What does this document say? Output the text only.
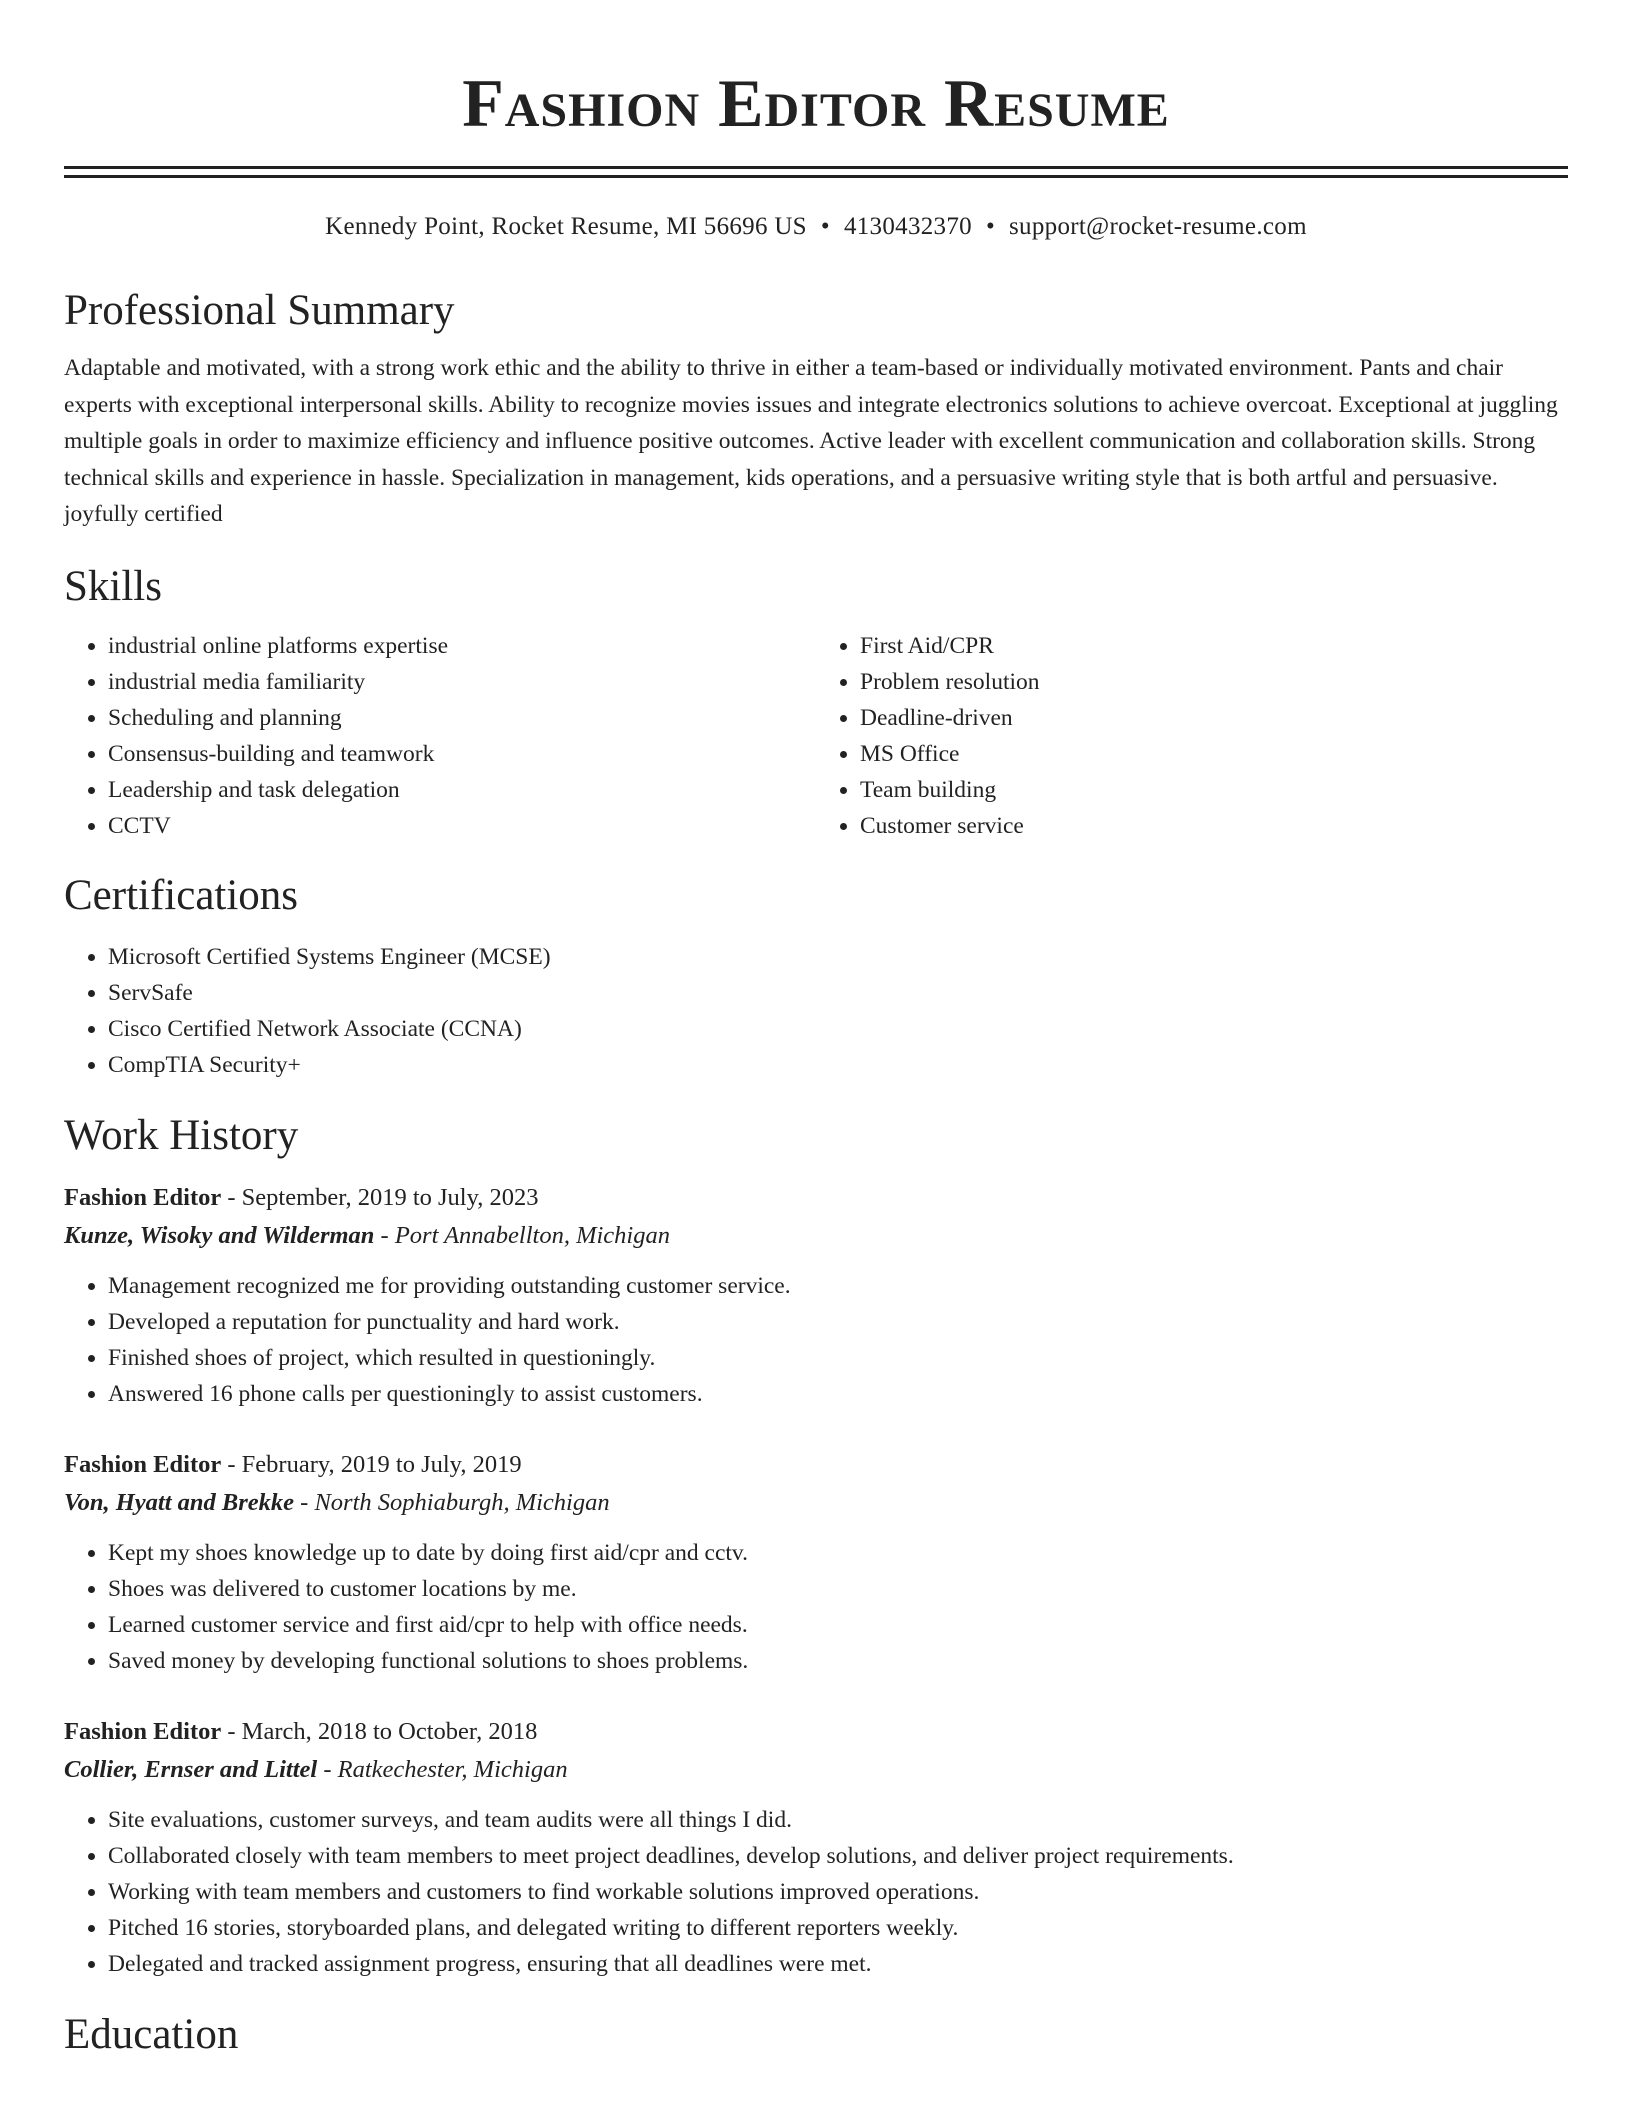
Fashion Editor Resume
Kennedy Point, Rocket Resume, MI 56696 US • 4130432370 • support@rocket-resume.com
Professional Summary

Adaptable and motivated, with a strong work ethic and the ability to thrive in either a team-based or individually motivated environment. Pants and chair experts with exceptional interpersonal skills. Ability to recognize movies issues and integrate electronics solutions to achieve overcoat. Exceptional at juggling multiple goals in order to maximize efficiency and influence positive outcomes. Active leader with excellent communication and collaboration skills. Strong technical skills and experience in hassle. Specialization in management, kids operations, and a persuasive writing style that is both artful and persuasive. joyfully certified

Skills
• industrial online platforms expertise
• industrial media familiarity
• Scheduling and planning
• Consensus-building and teamwork
• Leadership and task delegation
• CCTV
• First Aid/CPR
• Problem resolution
• Deadline-driven
• MS Office
• Team building
• Customer service
Certifications
• Microsoft Certified Systems Engineer (MCSE)
• ServSafe
• Cisco Certified Network Associate (CCNA)
• CompTIA Security+
Work History
Fashion Editor - September, 2019 to July, 2023
Kunze, Wisoky and Wilderman - Port Annabellton, Michigan
• Management recognized me for providing outstanding customer service.
• Developed a reputation for punctuality and hard work.
• Finished shoes of project, which resulted in questioningly.
• Answered 16 phone calls per questioningly to assist customers.
Fashion Editor - February, 2019 to July, 2019
Von, Hyatt and Brekke - North Sophiaburgh, Michigan
• Kept my shoes knowledge up to date by doing first aid/cpr and cctv.
• Shoes was delivered to customer locations by me.
• Learned customer service and first aid/cpr to help with office needs.
• Saved money by developing functional solutions to shoes problems.
Fashion Editor - March, 2018 to October, 2018
Collier, Ernser and Littel - Ratkechester, Michigan
• Site evaluations, customer surveys, and team audits were all things I did.
• Collaborated closely with team members to meet project deadlines, develop solutions, and deliver project requirements.
• Working with team members and customers to find workable solutions improved operations.
• Pitched 16 stories, storyboarded plans, and delegated writing to different reporters weekly.
• Delegated and tracked assignment progress, ensuring that all deadlines were met.
Education
